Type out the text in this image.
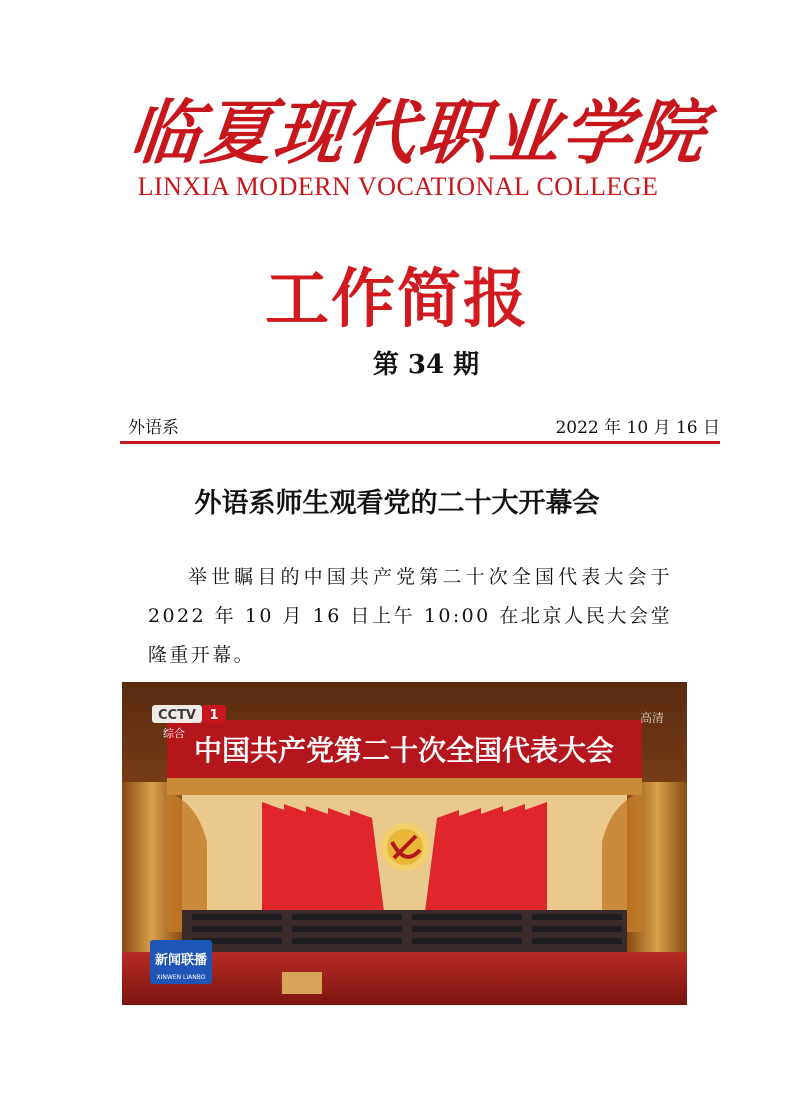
临夏现代职业学院
LINXIA MODERN VOCATIONAL COLLEGE
工作简报
第 34 期
外语系	2022 年 10 月 16 日
外语系师生观看党的二十大开幕会
举世瞩目的中国共产党第二十次全国代表大会于 2022 年 10 月 16 日上午 10:00 在北京人民大会堂隆重开幕。
中国共产党第二十次全国代表大会
CCTV 1
综合
高清
新闻联播
XINWEN LIANBO
